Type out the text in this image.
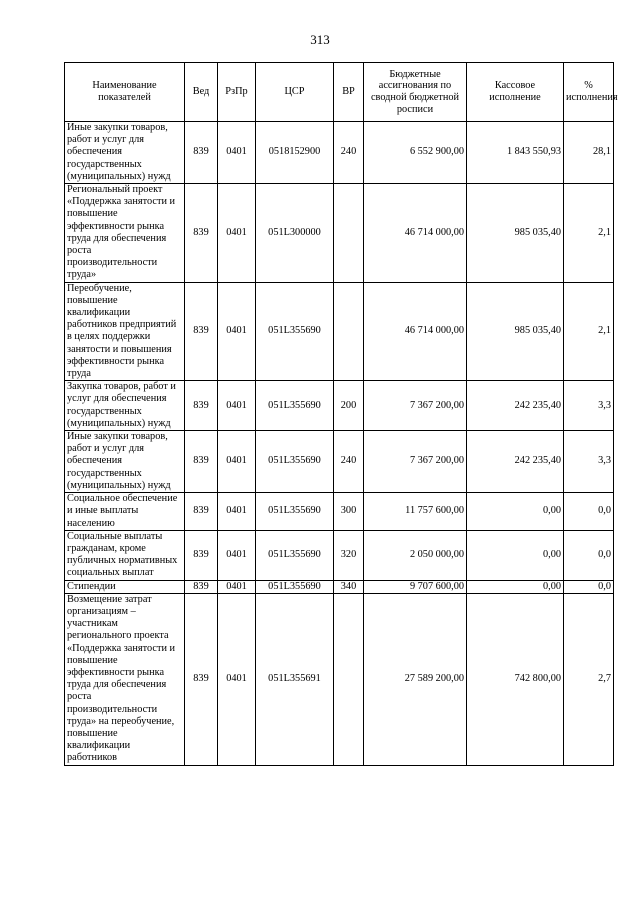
313
Наименование показателей	Вед	РзПр	ЦСР	ВР	Бюджетные ассигнования по сводной бюджетной росписи	Кассовое исполнение	% исполнения
Иные закупки товаров, работ и услуг для обеспечения государственных (муниципальных) нужд	839	0401	0518152900	240	6 552 900,00	1 843 550,93	28,1
Региональный проект «Поддержка занятости и повышение эффективности рынка труда для обеспечения роста производительности труда»	839	0401	051L300000		46 714 000,00	985 035,40	2,1
Переобучение, повышение квалификации работников предприятий в целях поддержки занятости и повышения эффективности рынка труда	839	0401	051L355690		46 714 000,00	985 035,40	2,1
Закупка товаров, работ и услуг для обеспечения государственных (муниципальных) нужд	839	0401	051L355690	200	7 367 200,00	242 235,40	3,3
Иные закупки товаров, работ и услуг для обеспечения государственных (муниципальных) нужд	839	0401	051L355690	240	7 367 200,00	242 235,40	3,3
Социальное обеспечение и иные выплаты населению	839	0401	051L355690	300	11 757 600,00	0,00	0,0
Социальные выплаты гражданам, кроме публичных нормативных социальных выплат	839	0401	051L355690	320	2 050 000,00	0,00	0,0
Стипендии	839	0401	051L355690	340	9 707 600,00	0,00	0,0
Возмещение затрат организациям – участникам регионального проекта «Поддержка занятости и повышение эффективности рынка труда для обеспечения роста производительности труда» на переобучение, повышение квалификации работников	839	0401	051L355691		27 589 200,00	742 800,00	2,7
